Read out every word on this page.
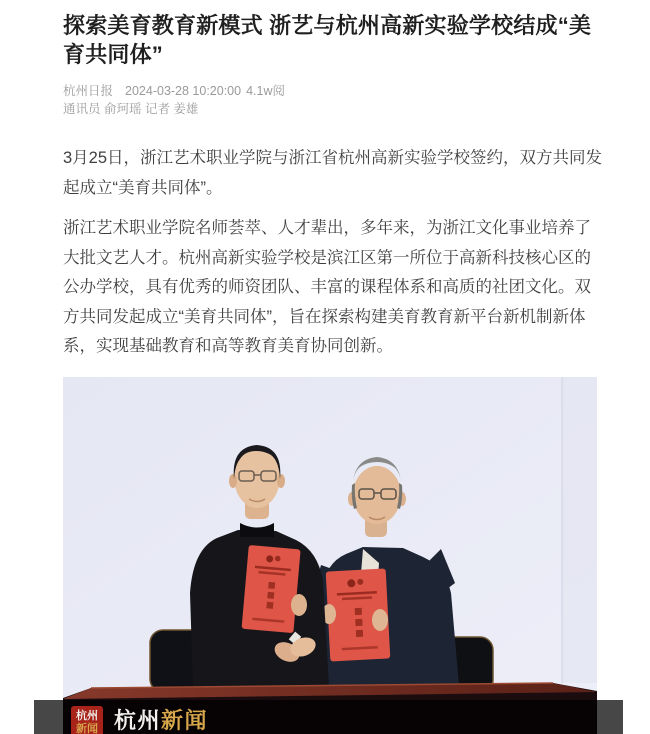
探索美育教育新模式 浙艺与杭州高新实验学校结成“美育共同体”
杭州日报 2024-03-28 10:20:00 4.1w阅
通讯员 俞珂瑶 记者 姜雄

3月25日，浙江艺术职业学院与浙江省杭州高新实验学校签约，双方共同发起成立“美育共同体”。

浙江艺术职业学院名师荟萃、人才辈出，多年来，为浙江文化事业培养了大批文艺人才。杭州高新实验学校是滨江区第一所位于高新科技核心区的公办学校，具有优秀的师资团队、丰富的课程体系和高质的社团文化。双方共同发起成立“美育共同体”，旨在探索构建美育教育新平台新机制新体系，实现基础教育和高等教育美育协同创新。

杭州
新闻 杭州新闻
